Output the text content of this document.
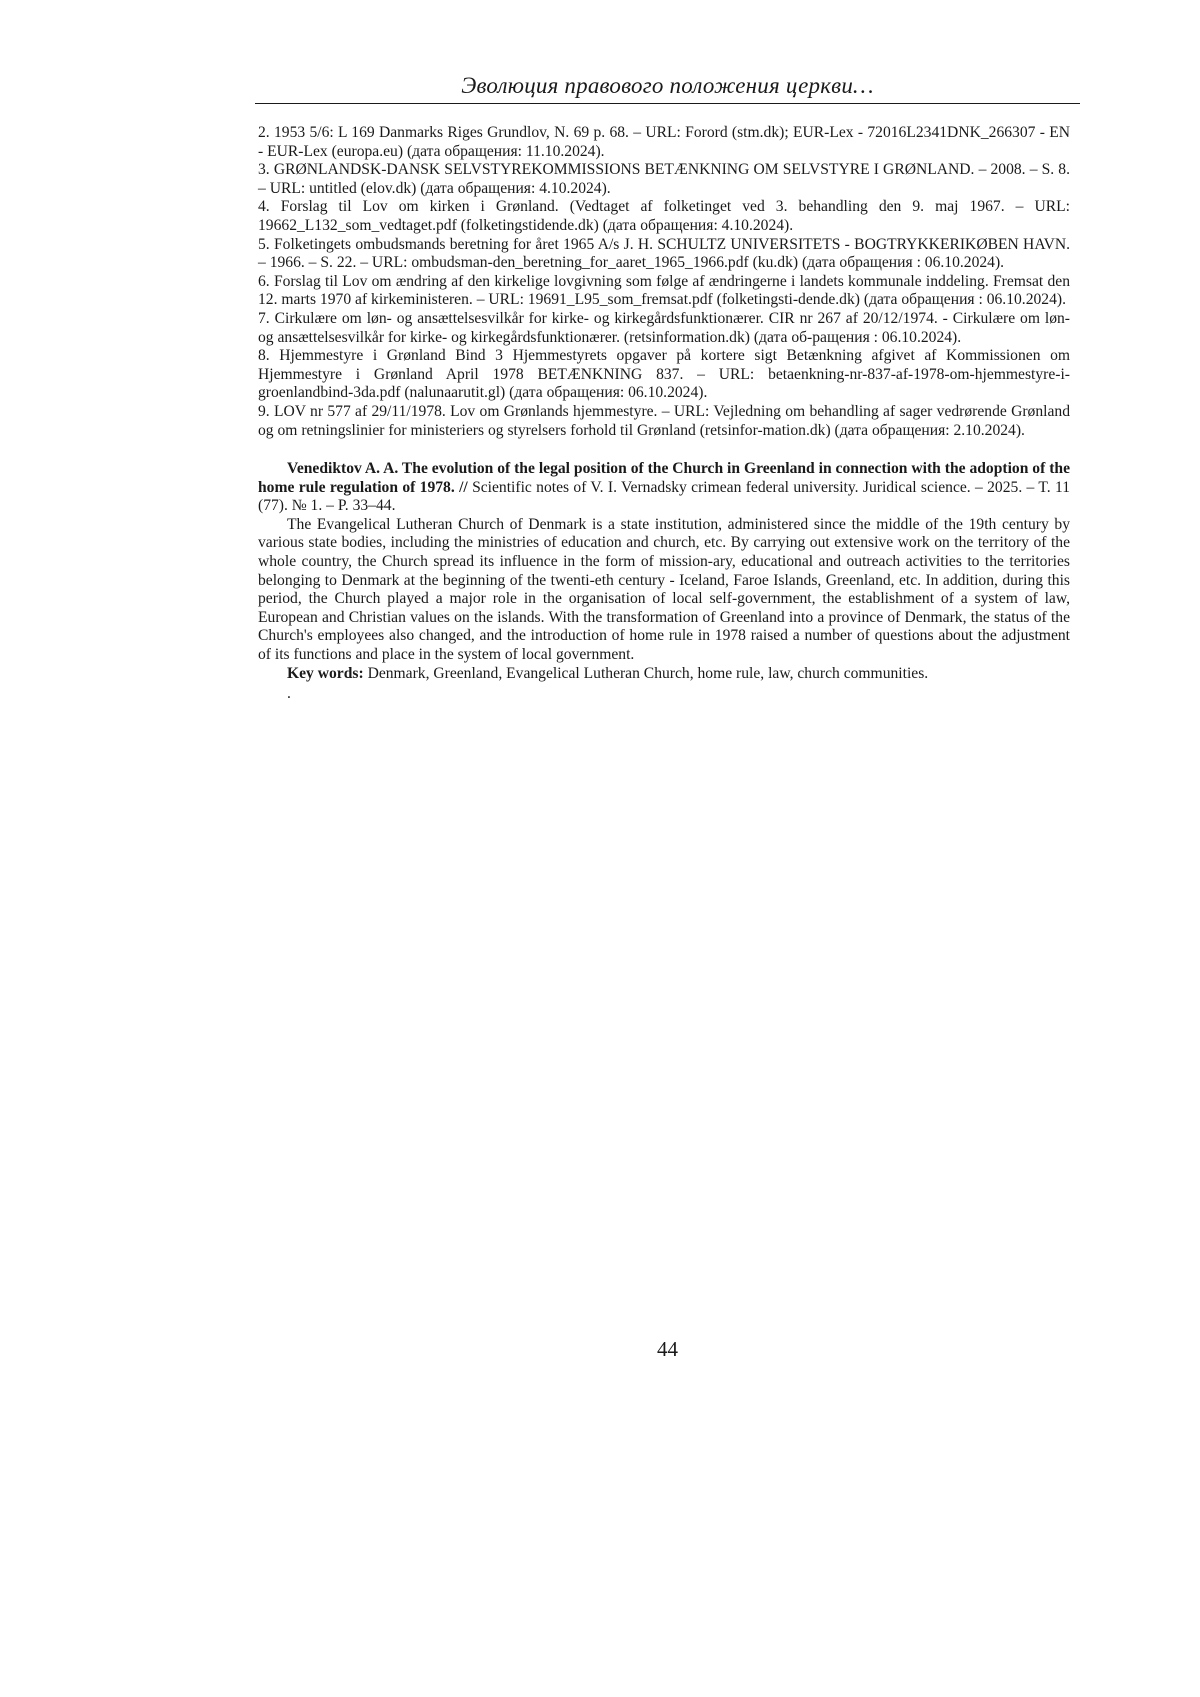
Эволюция правового положения церкви…
2. 1953 5/6: L 169 Danmarks Riges Grundlov, N. 69 p. 68. – URL: Forord (stm.dk); EUR-Lex - 72016L2341DNK_266307 - EN - EUR-Lex (europa.eu) (дата обращения: 11.10.2024).
3. GRØNLANDSK-DANSK SELVSTYREKOMMISSIONS BETÆNKNING OM SELVSTYRE I GRØNLAND. – 2008. – S. 8. – URL: untitled (elov.dk) (дата обращения: 4.10.2024).
4. Forslag til Lov om kirken i Grønland. (Vedtaget af folketinget ved 3. behandling den 9. maj 1967. – URL: 19662_L132_som_vedtaget.pdf (folketingstidende.dk) (дата обращения: 4.10.2024).
5. Folketingets ombudsmands beretning for året 1965 A/s J. H. SCHULTZ UNIVERSITETS - BOGTRYKKERIKØBEN HAVN. – 1966. – S. 22. – URL: ombudsman-den_beretning_for_aaret_1965_1966.pdf (ku.dk) (дата обращения : 06.10.2024).
6. Forslag til Lov om ændring af den kirkelige lovgivning som følge af ændringerne i landets kommunale inddeling. Fremsat den 12. marts 1970 af kirkeministeren. – URL: 19691_L95_som_fremsat.pdf (folketingsti-dende.dk) (дата обращения : 06.10.2024).
7. Cirkulære om løn- og ansættelsesvilkår for kirke- og kirkegårdsfunktionærer. CIR nr 267 af 20/12/1974. - Cirkulære om løn- og ansættelsesvilkår for kirke- og kirkegårdsfunktionærer. (retsinformation.dk) (дата об-ращения : 06.10.2024).
8. Hjemmestyre i Grønland Bind 3 Hjemmestyrets opgaver på kortere sigt Betænkning afgivet af Kommissionen om Hjemmestyre i Grønland April 1978 BETÆNKNING 837. – URL: betaenkning-nr-837-af-1978-om-hjemmestyre-i-groenlandbind-3da.pdf (nalunaarutit.gl) (дата обращения: 06.10.2024).
9. LOV nr 577 af 29/11/1978. Lov om Grønlands hjemmestyre. – URL: Vejledning om behandling af sager vedrørende Grønland og om retningslinier for ministeriers og styrelsers forhold til Grønland (retsinfor-mation.dk) (дата обращения: 2.10.2024).

Venediktov A. A. The evolution of the legal position of the Church in Greenland in connection with the adoption of the home rule regulation of 1978. // Scientific notes of V. I. Vernadsky crimean federal university. Juridical science. – 2025. – T. 11 (77). № 1. – P. 33–44.

The Evangelical Lutheran Church of Denmark is a state institution, administered since the middle of the 19th century by various state bodies, including the ministries of education and church, etc. By carrying out extensive work on the territory of the whole country, the Church spread its influence in the form of mission-ary, educational and outreach activities to the territories belonging to Denmark at the beginning of the twenti-eth century - Iceland, Faroe Islands, Greenland, etc. In addition, during this period, the Church played a major role in the organisation of local self-government, the establishment of a system of law, European and Christian values on the islands. With the transformation of Greenland into a province of Denmark, the status of the Church's employees also changed, and the introduction of home rule in 1978 raised a number of questions about the adjustment of its functions and place in the system of local government.

Key words: Denmark, Greenland, Evangelical Lutheran Church, home rule, law, church communities.

.
44
